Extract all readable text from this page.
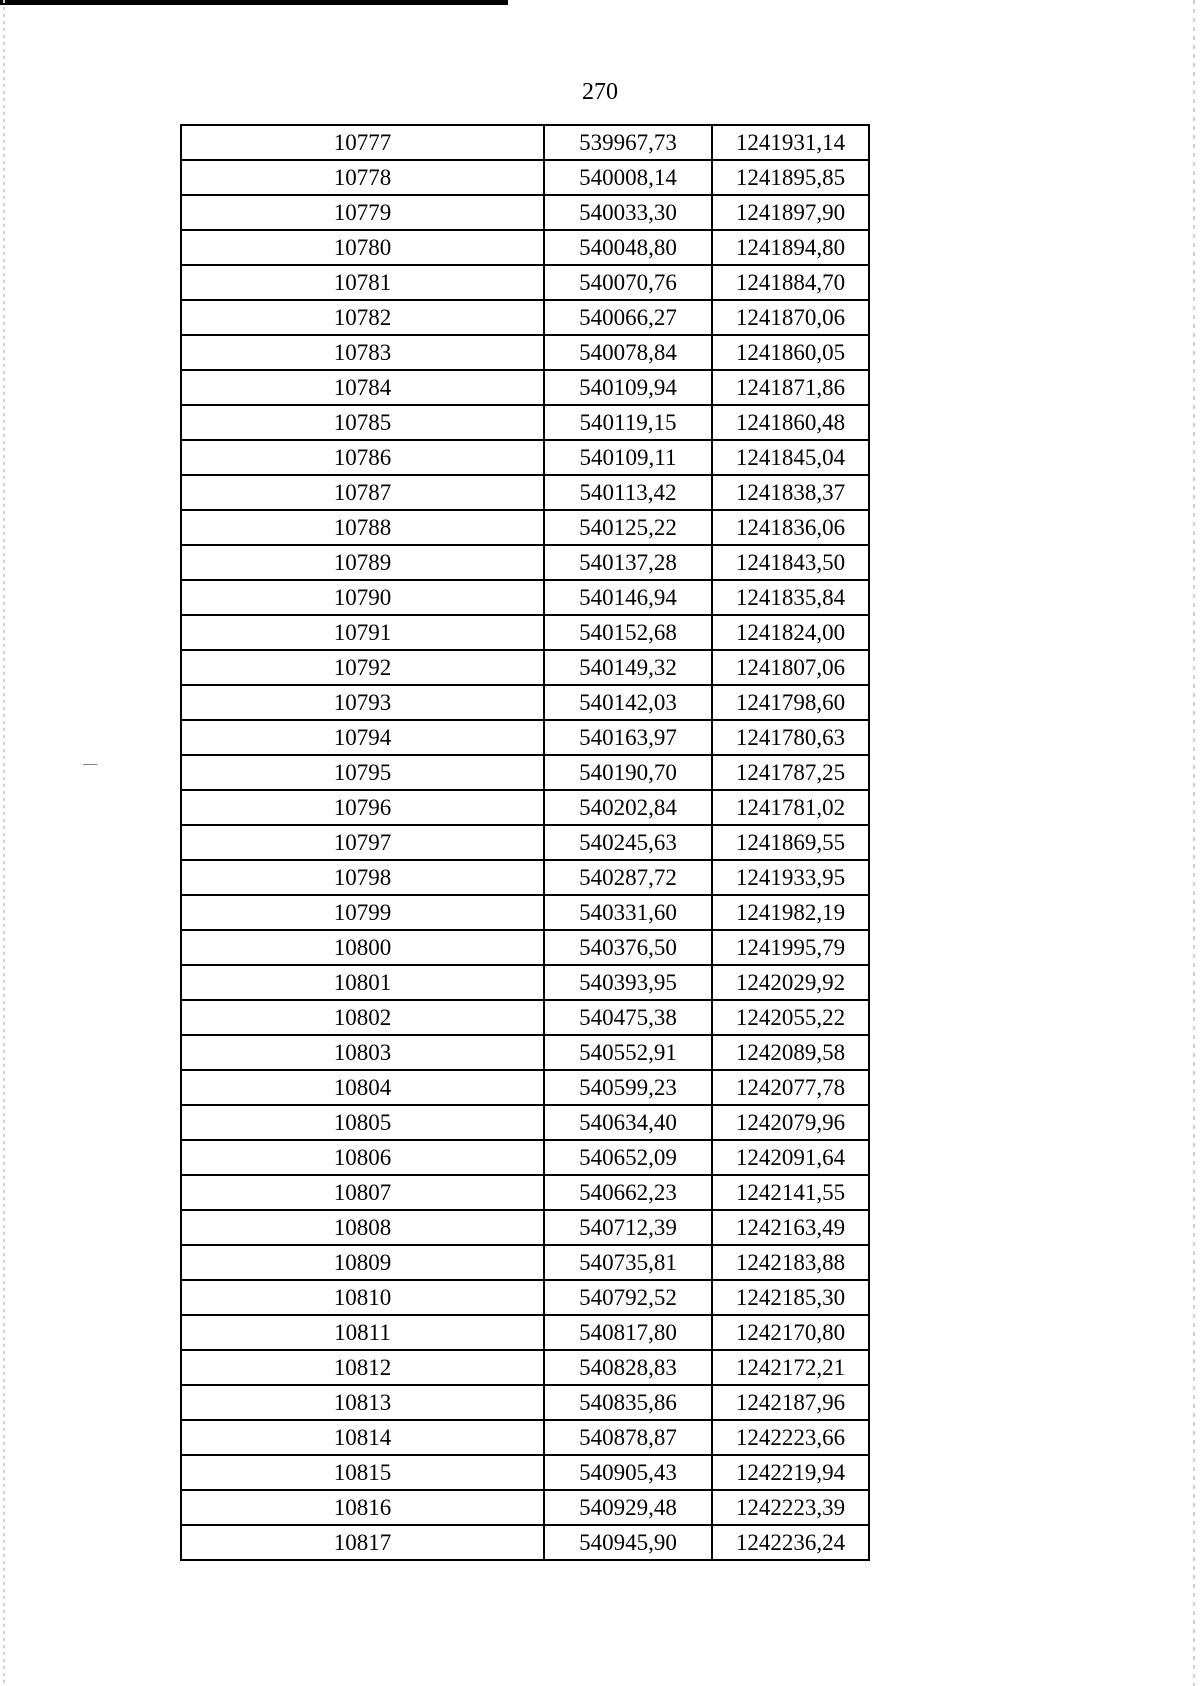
270
10777	539967,73	1241931,14
10778	540008,14	1241895,85
10779	540033,30	1241897,90
10780	540048,80	1241894,80
10781	540070,76	1241884,70
10782	540066,27	1241870,06
10783	540078,84	1241860,05
10784	540109,94	1241871,86
10785	540119,15	1241860,48
10786	540109,11	1241845,04
10787	540113,42	1241838,37
10788	540125,22	1241836,06
10789	540137,28	1241843,50
10790	540146,94	1241835,84
10791	540152,68	1241824,00
10792	540149,32	1241807,06
10793	540142,03	1241798,60
10794	540163,97	1241780,63
10795	540190,70	1241787,25
10796	540202,84	1241781,02
10797	540245,63	1241869,55
10798	540287,72	1241933,95
10799	540331,60	1241982,19
10800	540376,50	1241995,79
10801	540393,95	1242029,92
10802	540475,38	1242055,22
10803	540552,91	1242089,58
10804	540599,23	1242077,78
10805	540634,40	1242079,96
10806	540652,09	1242091,64
10807	540662,23	1242141,55
10808	540712,39	1242163,49
10809	540735,81	1242183,88
10810	540792,52	1242185,30
10811	540817,80	1242170,80
10812	540828,83	1242172,21
10813	540835,86	1242187,96
10814	540878,87	1242223,66
10815	540905,43	1242219,94
10816	540929,48	1242223,39
10817	540945,90	1242236,24
